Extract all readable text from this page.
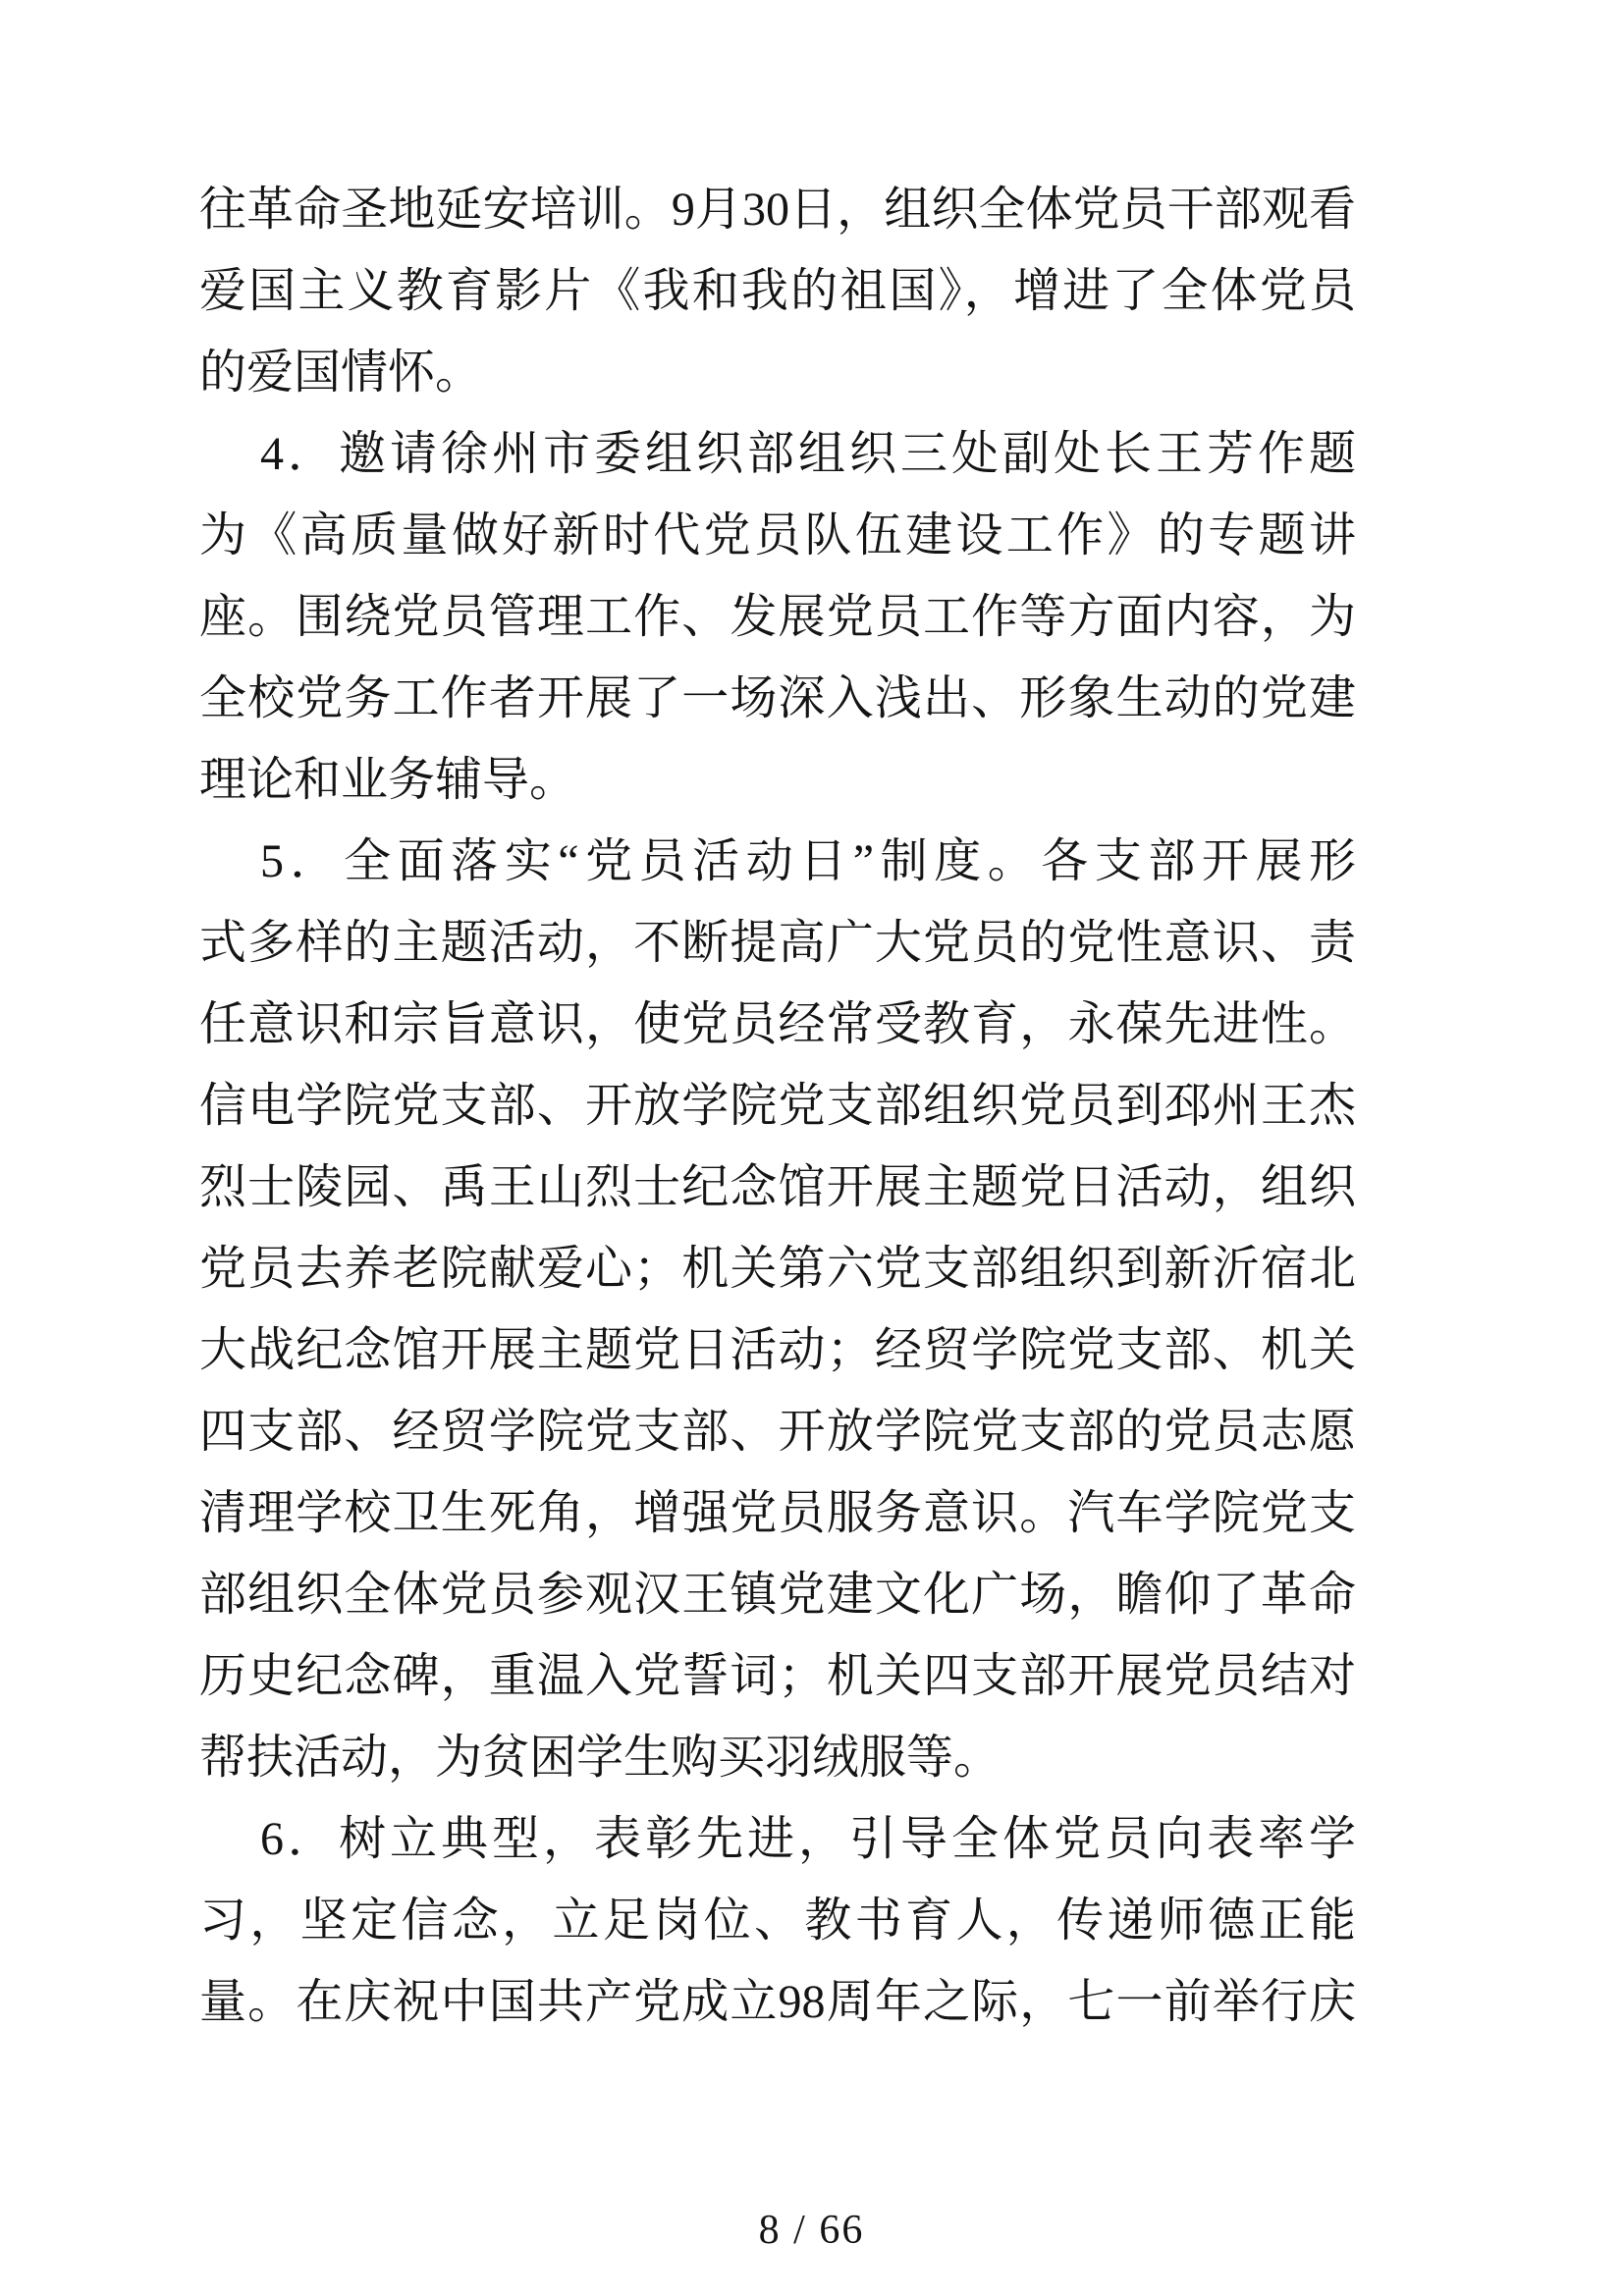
往革命圣地延安培训。9月30日，组织全体党员干部观看
爱国主义教育影片《我和我的祖国》，增进了全体党员
的爱国情怀。
4．邀请徐州市委组织部组织三处副处长王芳作题
为《高质量做好新时代党员队伍建设工作》的专题讲
座。围绕党员管理工作、发展党员工作等方面内容，为
全校党务工作者开展了一场深入浅出、形象生动的党建
理论和业务辅导。
5．全面落实“党员活动日”制度。各支部开展形
式多样的主题活动，不断提高广大党员的党性意识、责
任意识和宗旨意识，使党员经常受教育，永葆先进性。
信电学院党支部、开放学院党支部组织党员到邳州王杰
烈士陵园、禹王山烈士纪念馆开展主题党日活动，组织
党员去养老院献爱心；机关第六党支部组织到新沂宿北
大战纪念馆开展主题党日活动；经贸学院党支部、机关
四支部、经贸学院党支部、开放学院党支部的党员志愿
清理学校卫生死角，增强党员服务意识。汽车学院党支
部组织全体党员参观汉王镇党建文化广场，瞻仰了革命
历史纪念碑，重温入党誓词；机关四支部开展党员结对
帮扶活动，为贫困学生购买羽绒服等。
6．树立典型，表彰先进，引导全体党员向表率学
习，坚定信念，立足岗位、教书育人，传递师德正能
量。在庆祝中国共产党成立98周年之际，七一前举行庆
8 / 66
